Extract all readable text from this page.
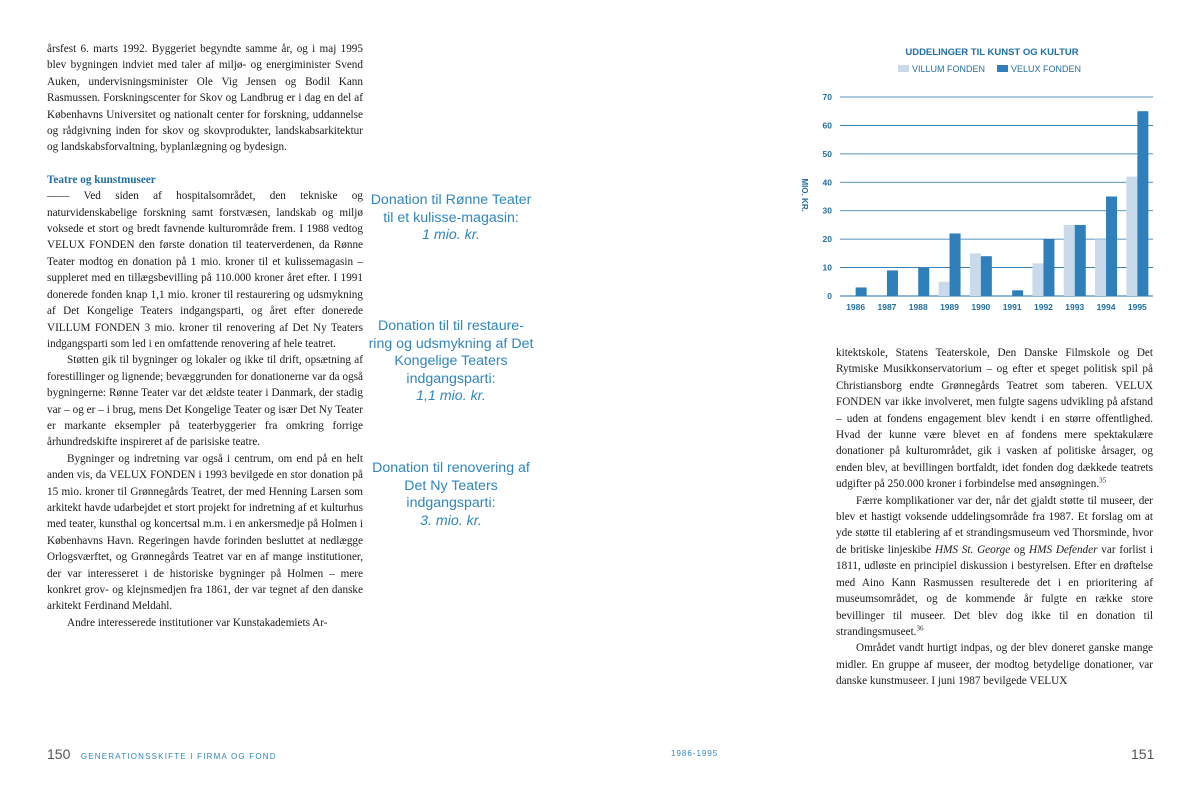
årsfest 6. marts 1992. Byggeriet begyndte samme år, og i maj 1995 blev bygningen indviet med taler af miljø- og energiminister Svend Auken, undervisningsminister Ole Vig Jensen og Bodil Kann Rasmussen. Forskningscenter for Skov og Landbrug er i dag en del af Københavns Universitet og nationalt center for forskning, uddannelse og rådgivning inden for skov og skovprodukter, landskabsarkitektur og landskabsforvaltning, byplanlægning og bydesign.

Teatre og kunstmuseer

—— Ved siden af hospitalsområdet, den tekniske og naturvidenskabelige forskning samt forstvæsen, landskab og miljø voksede et stort og bredt favnende kulturområde frem. I 1988 vedtog VELUX FONDEN den første donation til teaterverdenen, da Rønne Teater modtog en donation på 1 mio. kroner til et kulissemagasin – suppleret med en tillægsbevilling på 110.000 kroner året efter. I 1991 donerede fonden knap 1,1 mio. kroner til restaurering og udsmykning af Det Kongelige Teaters indgangsparti, og året efter donerede VILLUM FONDEN 3 mio. kroner til renovering af Det Ny Teaters indgangsparti som led i en omfattende renovering af hele teatret.

Støtten gik til bygninger og lokaler og ikke til drift, opsætning af forestillinger og lignende; bevæggrunden for donationerne var da også bygningerne: Rønne Teater var det ældste teater i Danmark, der stadig var – og er – i brug, mens Det Kongelige Teater og især Det Ny Teater er markante eksempler på teaterbyggerier fra omkring forrige århundredskifte inspireret af de parisiske teatre.

Bygninger og indretning var også i centrum, om end på en helt anden vis, da VELUX FONDEN i 1993 bevilgede en stor donation på 15 mio. kroner til Grønnegårds Teatret, der med Henning Larsen som arkitekt havde udarbejdet et stort projekt for indretning af et kulturhus med teater, kunsthal og koncertsal m.m. i en ankersmedje på Holmen i Københavns Havn. Regeringen havde forinden besluttet at nedlægge Orlogsværftet, og Grønnegårds Teatret var en af mange institutioner, der var interesseret i de historiske bygninger på Holmen – mere konkret grov- og klejnsmedjen fra 1861, der var tegnet af den danske arkitekt Ferdinand Meldahl.

Andre interesserede institutioner var Kunstakademiets Ar-

Donation til Rønne Teater til et kulisse-magasin:
1 mio. kr.
Donation til til restaure-ring og udsmykning af Det Kongelige Teaters indgangsparti:
1,1 mio. kr.
Donation til renovering af Det Ny Teaters indgangsparti:
3. mio. kr.
UDDELINGER TIL KUNST OG KULTUR
VILLUM FONDEN	VELUX FONDEN
0
10
20
30
40
50
60
70
MIO. KR.
1986 1987 1988 1989 1990 1991 1992 1993 1994 1995

kitektskole, Statens Teaterskole, Den Danske Filmskole og Det Rytmiske Musikkonservatorium – og efter et speget politisk spil på Christiansborg endte Grønnegårds Teatret som taberen. VELUX FONDEN var ikke involveret, men fulgte sagens udvikling på afstand – uden at fondens engagement blev kendt i en større offentlighed. Hvad der kunne være blevet en af fondens mere spektakulære donationer på kulturområdet, gik i vasken af politiske årsager, og enden blev, at bevillingen bortfaldt, idet fonden dog dækkede teatrets udgifter på 250.000 kroner i forbindelse med ansøgningen.$^{35}$

Færre komplikationer var der, når det gjaldt støtte til museer, der blev et hastigt voksende uddelingsområde fra 1987. Et forslag om at yde støtte til etablering af et strandingsmuseum ved Thorsminde, hvor de britiske linjeskibe HMS St. George og HMS Defender var forlist i 1811, udløste en principiel diskussion i bestyrelsen. Efter en drøftelse med Aino Kann Rasmussen resulterede det i en prioritering af museumsområdet, og de kommende år fulgte en række store bevillinger til museer. Det blev dog ikke til en donation til strandingsmuseet.$^{36}$

Området vandt hurtigt indpas, og der blev doneret ganske mange midler. En gruppe af museer, der modtog betydelige donationer, var danske kunstmuseer. I juni 1987 bevilgede VELUX

150 GENERATIONSSKIFTE I FIRMA OG FOND	1986-1995	151
